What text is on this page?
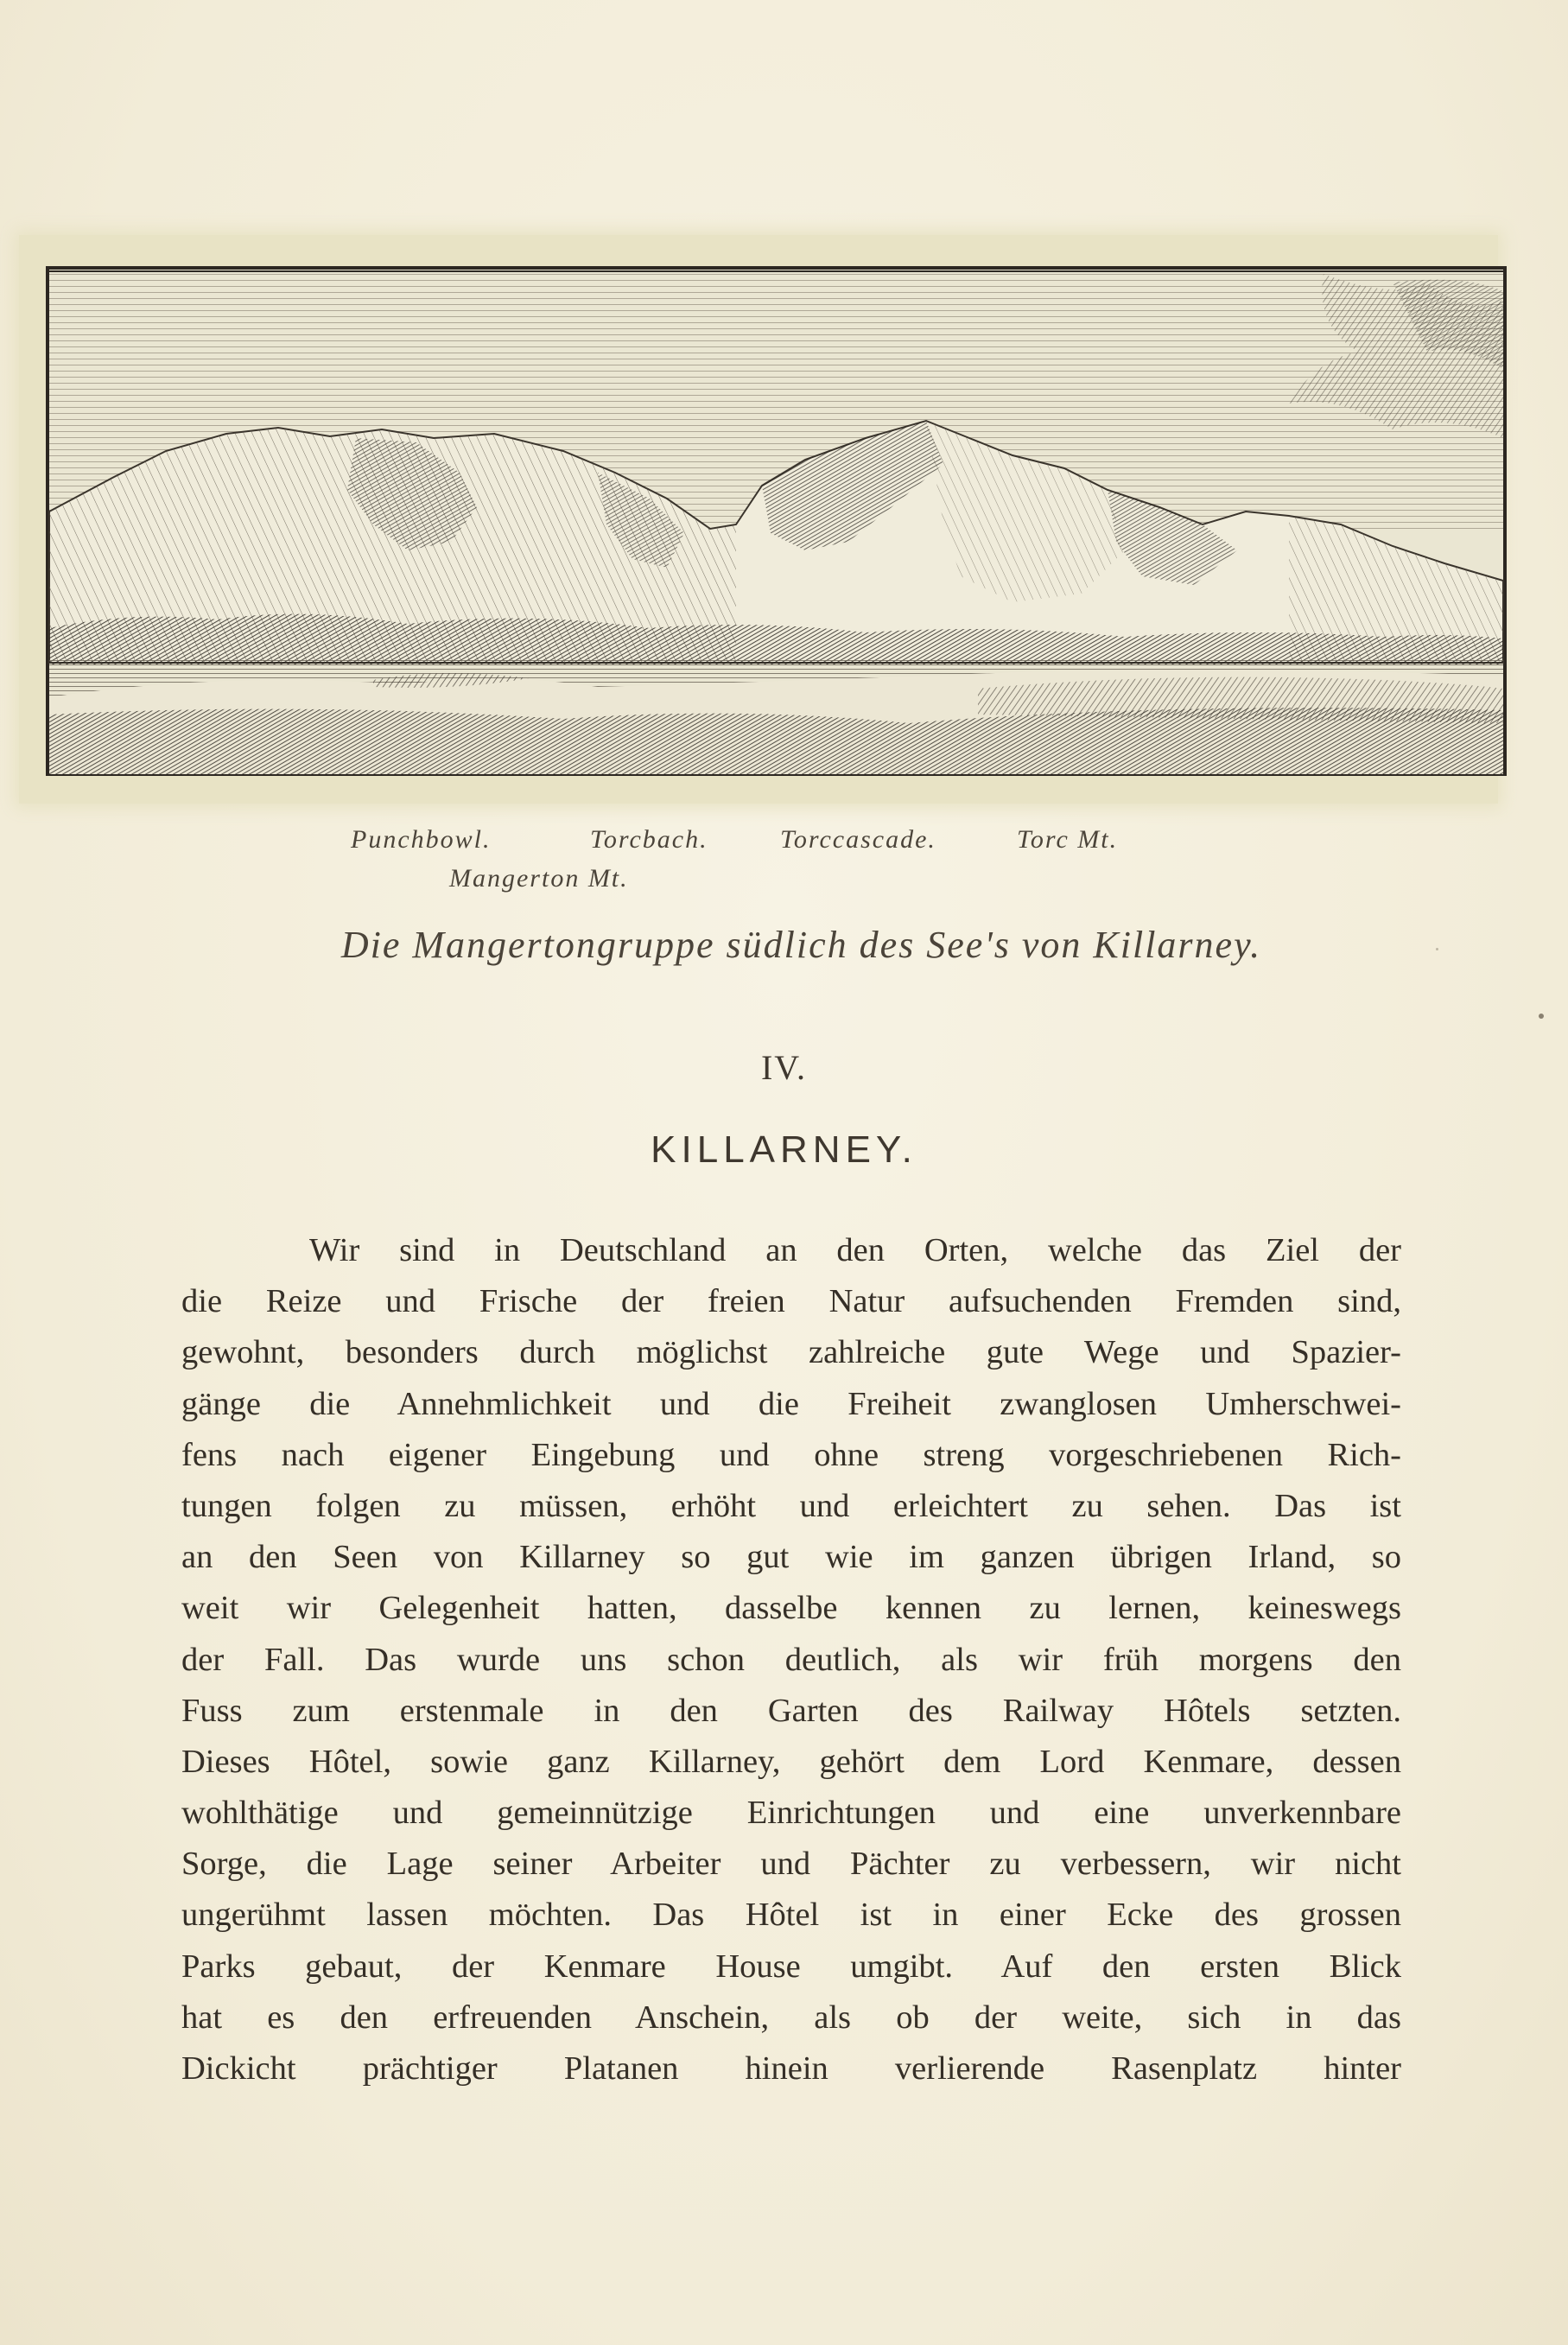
Punchbowl.	Torcbach.	Torccascade.	Torc Mt.
Mangerton Mt.
Die Mangertongruppe südlich des See's von Killarney.
IV.
KILLARNEY.
Wir sind in Deutschland an den Orten, welche das Ziel der
die Reize und Frische der freien Natur aufsuchenden Fremden sind,
gewohnt, besonders durch möglichst zahlreiche gute Wege und Spazier-
gänge die Annehmlichkeit und die Freiheit zwanglosen Umherschwei-
fens nach eigener Eingebung und ohne streng vorgeschriebenen Rich-
tungen folgen zu müssen, erhöht und erleichtert zu sehen. Das ist
an den Seen von Killarney so gut wie im ganzen übrigen Irland, so
weit wir Gelegenheit hatten, dasselbe kennen zu lernen, keineswegs
der Fall. Das wurde uns schon deutlich, als wir früh morgens den
Fuss zum erstenmale in den Garten des Railway Hôtels setzten.
Dieses Hôtel, sowie ganz Killarney, gehört dem Lord Kenmare, dessen
wohlthätige und gemeinnützige Einrichtungen und eine unverkennbare
Sorge, die Lage seiner Arbeiter und Pächter zu verbessern, wir nicht
ungerühmt lassen möchten. Das Hôtel ist in einer Ecke des grossen
Parks gebaut, der Kenmare House umgibt. Auf den ersten Blick
hat es den erfreuenden Anschein, als ob der weite, sich in das
Dickicht prächtiger Platanen hinein verlierende Rasenplatz hinter
